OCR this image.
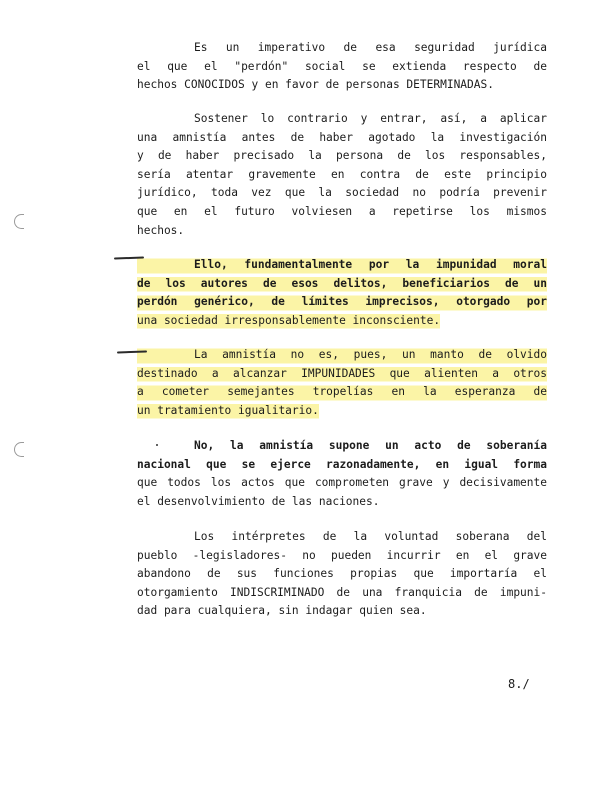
Es un imperativo de esa seguridad jurídica
el que el "perdón" social se extienda respecto de
hechos CONOCIDOS y en favor de personas DETERMINADAS.
Sostener lo contrario y entrar, así, a aplicar
una amnistía antes de haber agotado la investigación
y de haber precisado la persona de los responsables,
sería atentar gravemente en contra de este principio
jurídico, toda vez que la sociedad no podría prevenir
que en el futuro volviesen a repetirse los mismos
hechos.
Ello, fundamentalmente por la impunidad moral
de los autores de esos delitos, beneficiarios de un
perdón genérico, de límites imprecisos, otorgado por
una sociedad irresponsablemente inconsciente.
La amnistía no es, pues, un manto de olvido
destinado a alcanzar IMPUNIDADES que alienten a otros
a cometer semejantes tropelías en la esperanza de
un tratamiento igualitario.
No, la amnistía supone un acto de soberanía
nacional que se ejerce razonadamente, en igual forma
que todos los actos que comprometen grave y decisivamente
el desenvolvimiento de las naciones.
Los intérpretes de la voluntad soberana del
pueblo -legisladores- no pueden incurrir en el grave
abandono de sus funciones propias que importaría el
otorgamiento INDISCRIMINADO de una franquicia de impuni-
dad para cualquiera, sin indagar quien sea.
8./
